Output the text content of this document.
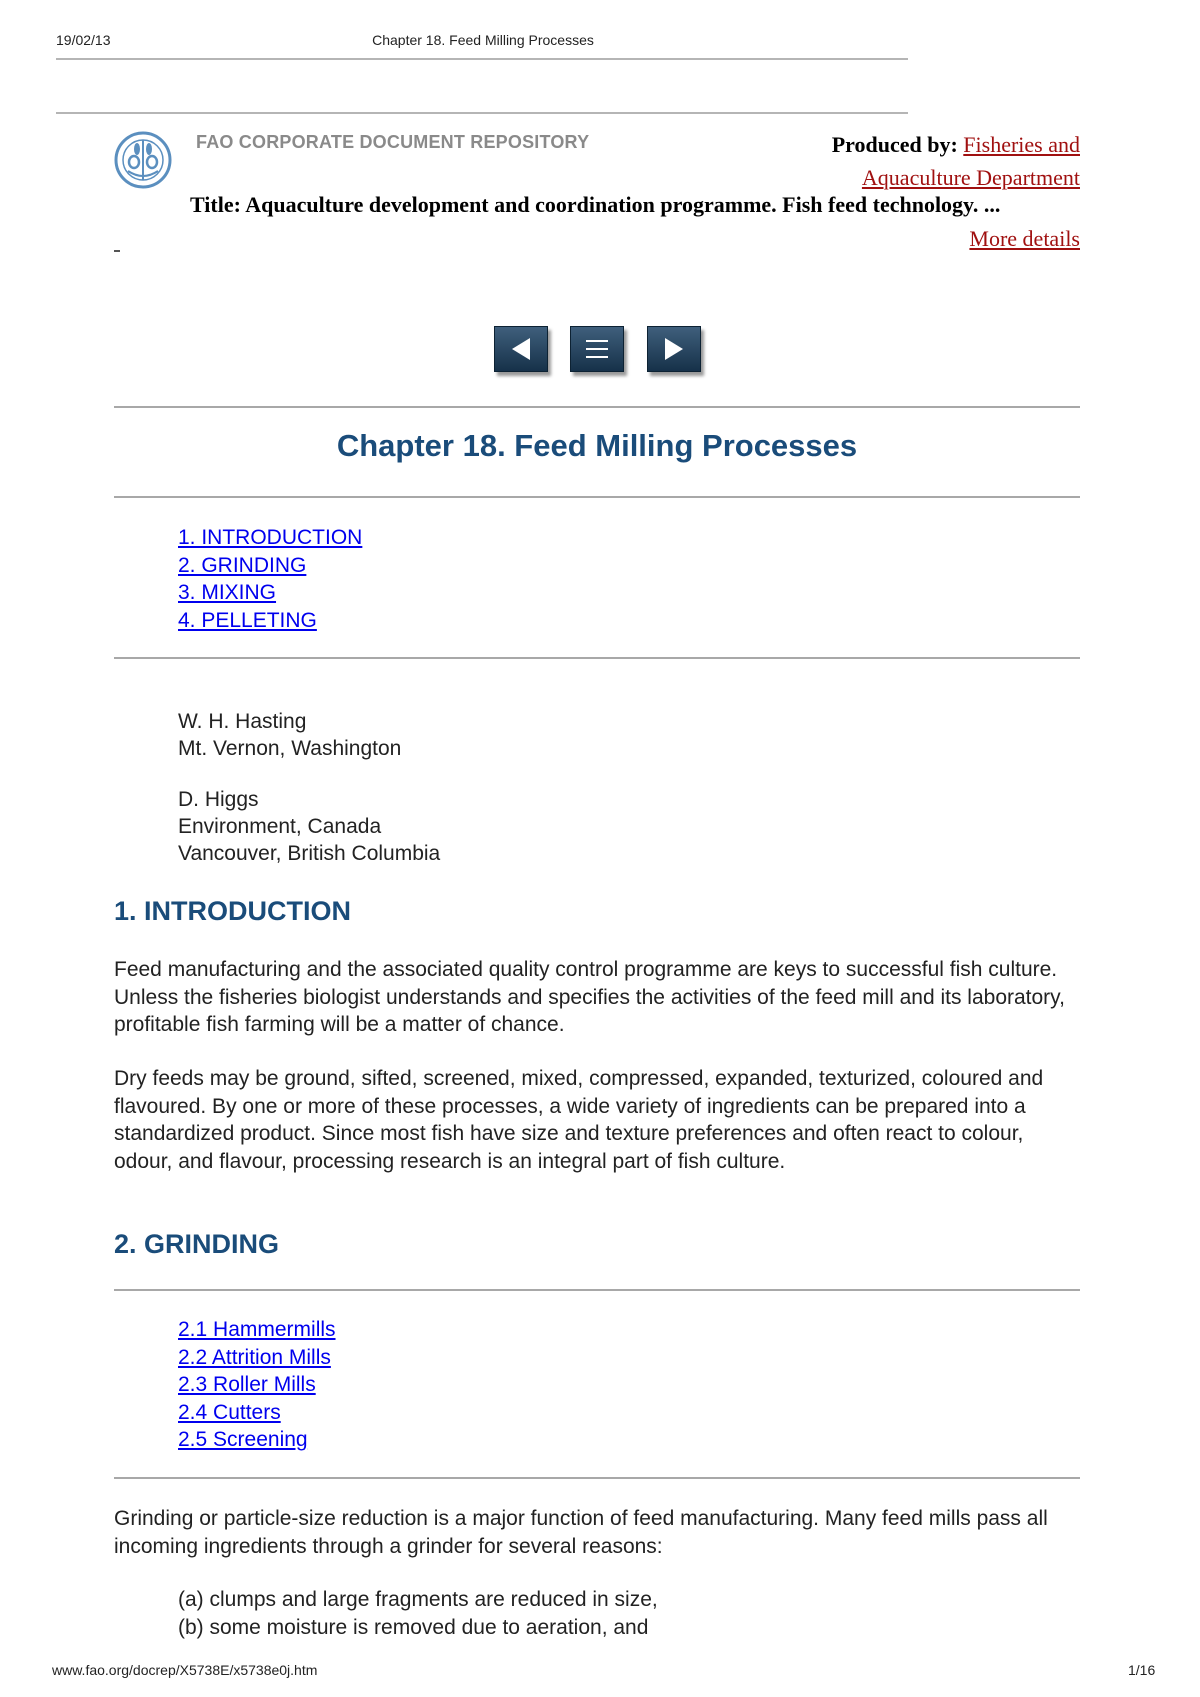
19/02/13	Chapter 18. Feed Milling Processes
FAO CORPORATE DOCUMENT REPOSITORY	Produced by: Fisheries and
Aquaculture Department
Title: Aquaculture development and coordination programme. Fish feed technology. ...
More details
Chapter 18. Feed Milling Processes
1. INTRODUCTION
2. GRINDING
3. MIXING
4. PELLETING

W. H. Hasting

Mt. Vernon, Washington

D. Higgs

Environment, Canada

Vancouver, British Columbia

1. INTRODUCTION

Feed manufacturing and the associated quality control programme are keys to successful fish culture. Unless the fisheries biologist understands and specifies the activities of the feed mill and its laboratory, profitable fish farming will be a matter of chance.

Dry feeds may be ground, sifted, screened, mixed, compressed, expanded, texturized, coloured and flavoured. By one or more of these processes, a wide variety of ingredients can be prepared into a standardized product. Since most fish have size and texture preferences and often react to colour, odour, and flavour, processing research is an integral part of fish culture.

2. GRINDING
2.1 Hammermills
2.2 Attrition Mills
2.3 Roller Mills
2.4 Cutters
2.5 Screening

Grinding or particle-size reduction is a major function of feed manufacturing. Many feed mills pass all incoming ingredients through a grinder for several reasons:

(a) clumps and large fragments are reduced in size,
(b) some moisture is removed due to aeration, and
www.fao.org/docrep/X5738E/x5738e0j.htm	1/16
